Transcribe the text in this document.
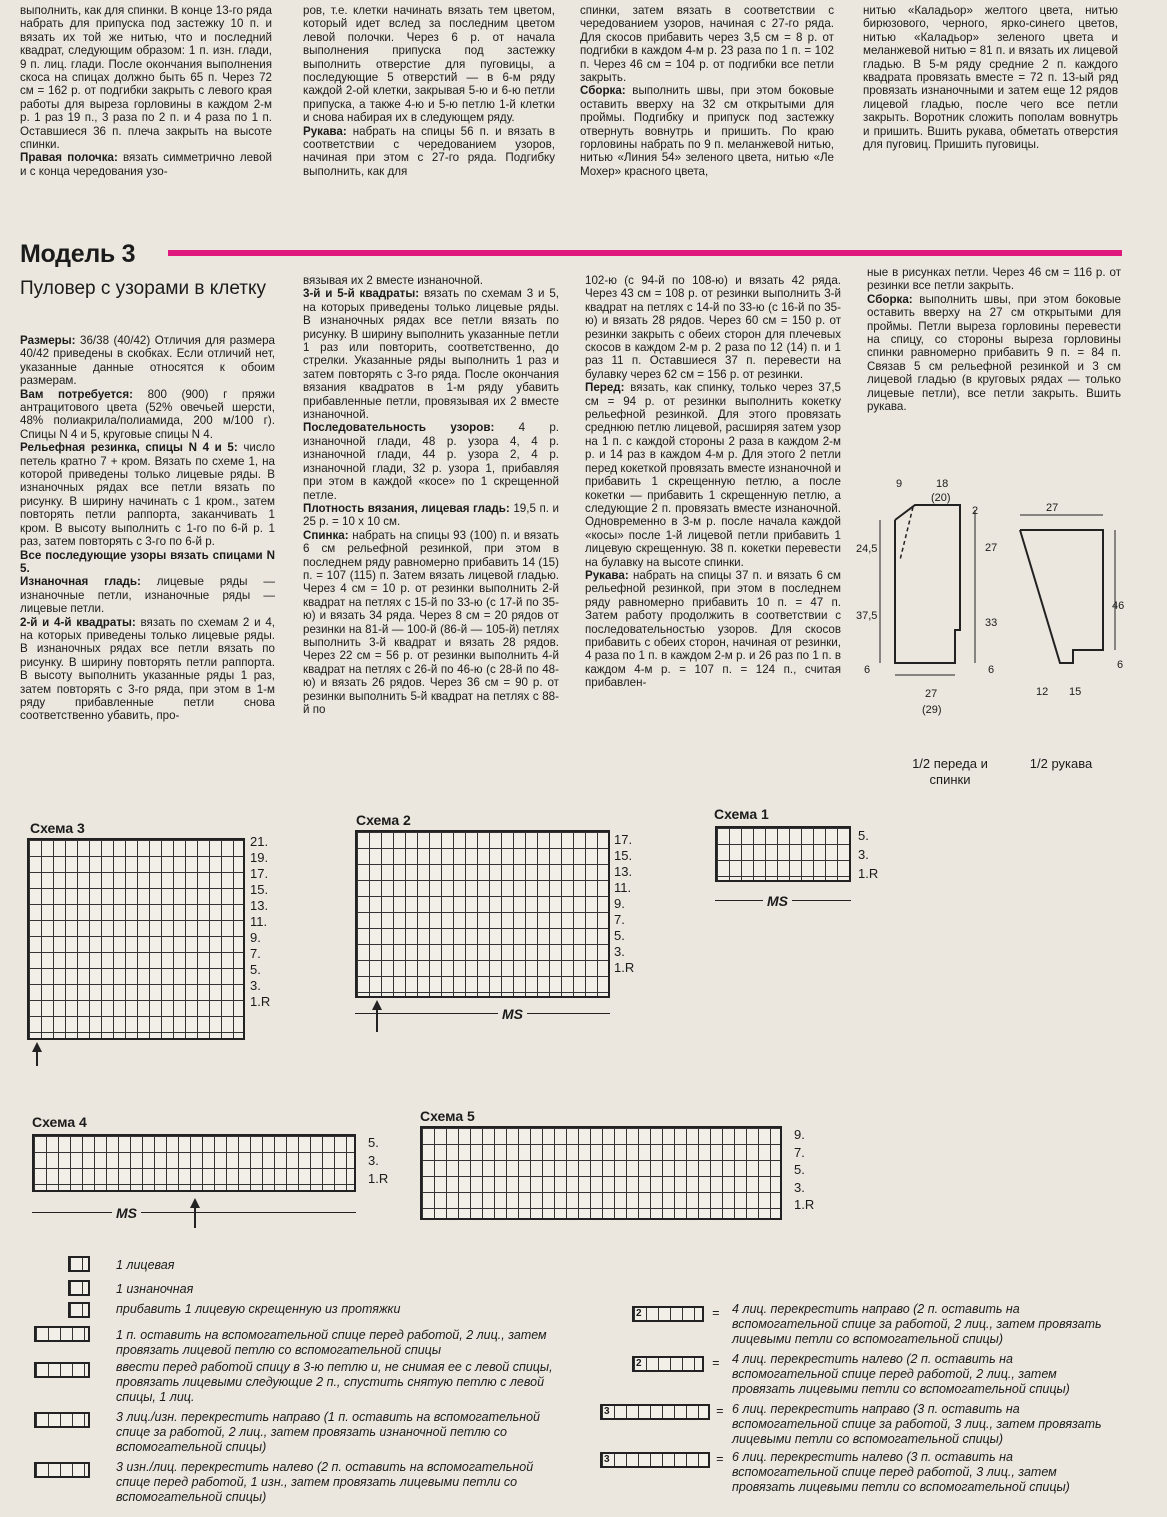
выполнить, как для спинки. В конце 13-го ряда набрать для припуска под застежку 10 п. и вязать их той же нитью, что и последний квадрат, следующим образом: 1 п. изн. глади, 9 п. лиц. глади. После окончания выполнения скоса на спицах должно быть 65 п. Через 72 см = 162 р. от подгибки закрыть с левого края работы для выреза горловины в каждом 2-м р. 1 раз 19 п., 3 раза по 2 п. и 4 раза по 1 п. Оставшиеся 36 п. плеча закрыть на высоте спинки.

Правая полочка: вязать симметрично левой и с конца чередования узо-

ров, т.е. клетки начинать вязать тем цветом, который идет вслед за последним цветом левой полочки. Через 6 р. от начала выполнения припуска под застежку выполнить отверстие для пуговицы, а последующие 5 отверстий — в 6-м ряду каждой 2-ой клетки, закрывая 5-ю и 6-ю петли припуска, а также 4-ю и 5-ю петлю 1-й клетки и снова набирая их в следующем ряду.

Рукава: набрать на спицы 56 п. и вязать в соответствии с чередованием узоров, начиная при этом с 27-го ряда. Подгибку выполнить, как для

спинки, затем вязать в соответствии с чередованием узоров, начиная с 27-го ряда. Для скосов прибавить через 3,5 см = 8 р. от подгибки в каждом 4-м р. 23 раза по 1 п. = 102 п. Через 46 см = 104 р. от подгибки все петли закрыть.

Сборка: выполнить швы, при этом боковые оставить вверху на 32 см открытыми для проймы. Подгибку и припуск под застежку отвернуть вовнутрь и пришить. По краю горловины набрать по 9 п. меланжевой нитью, нитью «Линия 54» зеленого цвета, нитью «Ле Мохер» красного цвета,

нитью «Каладьор» желтого цвета, нитью бирюзового, черного, ярко-синего цветов, нитью «Каладьор» зеленого цвета и меланжевой нитью = 81 п. и вязать их лицевой гладью. В 5-м ряду средние 2 п. каждого квадрата провязать вместе = 72 п. 13-ый ряд провязать изнаночными и затем еще 12 рядов лицевой гладью, после чего все петли закрыть. Воротник сложить пополам вовнутрь и пришить. Вшить рукава, обметать отверстия для пуговиц. Пришить пуговицы.

Модель 3
Пуловер с узорами в клетку

Размеры: 36/38 (40/42) Отличия для размера 40/42 приведены в скобках. Если отличий нет, указанные данные относятся к обоим размерам.

Вам потребуется: 800 (900) г пряжи антрацитового цвета (52% овечьей шерсти, 48% полиакрила/полиамида, 200 м/100 г). Спицы N 4 и 5, круговые спицы N 4.

Рельефная резинка, спицы N 4 и 5: число петель кратно 7 + кром. Вязать по схеме 1, на которой приведены только лицевые ряды. В изнаночных рядах все петли вязать по рисунку. В ширину начинать с 1 кром., затем повторять петли раппорта, заканчивать 1 кром. В высоту выполнить с 1-го по 6-й р. 1 раз, затем повторять с 3-го по 6-й р.

Все последующие узоры вязать спицами N 5.

Изнаночная гладь: лицевые ряды — изнаночные петли, изнаночные ряды — лицевые петли.

2-й и 4-й квадраты: вязать по схемам 2 и 4, на которых приведены только лицевые ряды. В изнаночных рядах все петли вязать по рисунку. В ширину повторять петли раппорта. В высоту выполнить указанные ряды 1 раз, затем повторять с 3-го ряда, при этом в 1-м ряду прибавленные петли снова соответственно убавить, про-

вязывая их 2 вместе изнаночной.

3-й и 5-й квадраты: вязать по схемам 3 и 5, на которых приведены только лицевые ряды. В изнаночных рядах все петли вязать по рисунку. В ширину выполнить указанные петли 1 раз или повторить, соответственно, до стрелки. Указанные ряды выполнить 1 раз и затем повторять с 3-го ряда. После окончания вязания квадратов в 1-м ряду убавить прибавленные петли, провязывая их 2 вместе изнаночной.

Последовательность узоров: 4 р. изнаночной глади, 48 р. узора 4, 4 р. изнаночной глади, 44 р. узора 2, 4 р. изнаночной глади, 32 р. узора 1, прибавляя при этом в каждой «косе» по 1 скрещенной петле.

Плотность вязания, лицевая гладь: 19,5 п. и 25 р. = 10 х 10 см.

Спинка: набрать на спицы 93 (100) п. и вязать 6 см рельефной резинкой, при этом в последнем ряду равномерно прибавить 14 (15) п. = 107 (115) п. Затем вязать лицевой гладью. Через 4 см = 10 р. от резинки выполнить 2-й квадрат на петлях с 15-й по 33-ю (с 17-й по 35-ю) и вязать 34 ряда. Через 8 см = 20 рядов от резинки на 81-й — 100-й (86-й — 105-й) петлях выполнить 3-й квадрат и вязать 28 рядов. Через 22 см = 56 р. от резинки выполнить 4-й квадрат на петлях с 26-й по 46-ю (с 28-й по 48-ю) и вязать 26 рядов. Через 36 см = 90 р. от резинки выполнить 5-й квадрат на петлях с 88-й по

102-ю (с 94-й по 108-ю) и вязать 42 ряда. Через 43 см = 108 р. от резинки выполнить 3-й квадрат на петлях с 14-й по 33-ю (с 16-й по 35-ю) и вязать 28 рядов. Через 60 см = 150 р. от резинки закрыть с обеих сторон для плечевых скосов в каждом 2-м р. 2 раза по 12 (14) п. и 1 раз 11 п. Оставшиеся 37 п. перевести на булавку через 62 см = 156 р. от резинки.

Перед: вязать, как спинку, только через 37,5 см = 94 р. от резинки выполнить кокетку рельефной резинкой. Для этого провязать среднюю петлю лицевой, расширяя затем узор на 1 п. с каждой стороны 2 раза в каждом 2-м р. и 14 раз в каждом 4-м р. Для этого 2 петли перед кокеткой провязать вместе изнаночной и прибавить 1 скрещенную петлю, а после кокетки — прибавить 1 скрещенную петлю, а следующие 2 п. провязать вместе изнаночной. Одновременно в 3-м р. после начала каждой «косы» после 1-й лицевой петли прибавить 1 лицевую скрещенную. 38 п. кокетки перевести на булавку на высоте спинки.

Рукава: набрать на спицы 37 п. и вязать 6 см рельефной резинкой, при этом в последнем ряду равномерно прибавить 10 п. = 47 п. Затем работу продолжить в соответствии с последовательностью узоров. Для скосов прибавить с обеих сторон, начиная от резинки, 4 раза по 1 п. в каждом 2-м р. и 26 раз по 1 п. в каждом 4-м р. = 107 п. = 124 п., считая прибавлен-

ные в рисунках петли. Через 46 см = 116 р. от резинки все петли закрыть.

Сборка: выполнить швы, при этом боковые оставить вверху на 27 см открытыми для проймы. Петли выреза горловины перевести на спицу, со стороны выреза горловины спинки равномерно прибавить 9 п. = 84 п. Связав 5 см рельефной резинкой и 3 см лицевой гладью (в круговых рядах — только лицевые петли), все петли закрыть. Вшить рукава.

9	18
(20)
2
24,5	27
37,5
33
6	6
27
(29)
27
46
6
12 15
1/2 переда и спинки
1/2 рукава
Схема 3
21.
19.
17.
15.
13.
11.
9.
7.
5.
3.
1.R
Схема 2
17.
15.
13.
11.
9.
7.
5.
3.
1.R
MS
Схема 1
5.
3.
1.R
MS
Схема 4
5.
3.
1.R
MS
Схема 5
9.
7.
5.
3.
1.R
1 лицевая
1 изнаночная
прибавить 1 лицевую скрещенную из протяжки
1 п. оставить на вспомогательной спице перед работой, 2 лиц., затем провязать лицевой петлю со вспомогательной спицы
ввести перед работой спицу в 3-ю петлю и, не снимая ее с левой спицы, провязать лицевыми следующие 2 п., спустить снятую петлю с левой спицы, 1 лиц.
3 лиц./изн. перекрестить направо (1 п. оставить на вспомогательной спице за работой, 2 лиц., затем провязать изнаночной петлю со вспомогательной спицы)
3 изн./лиц. перекрестить налево (2 п. оставить на вспомогательной спице перед работой, 1 изн., затем провязать лицевыми петли со вспомогательной спицы)
2	= 4 лиц. перекрестить направо (2 п. оставить на вспомогательной спице за работой, 2 лиц., затем провязать лицевыми петли со вспомогательной спицы)
2	= 4 лиц. перекрестить налево (2 п. оставить на вспомогательной спице перед работой, 2 лиц., затем провязать лицевыми петли со вспомогательной спицы)
3	= 6 лиц. перекрестить направо (3 п. оставить на вспомогательной спице за работой, 3 лиц., затем провязать лицевыми петли со вспомогательной спицы)
3	= 6 лиц. перекрестить налево (3 п. оставить на вспомогательной спице перед работой, 3 лиц., затем провязать лицевыми петли со вспомогательной спицы)
